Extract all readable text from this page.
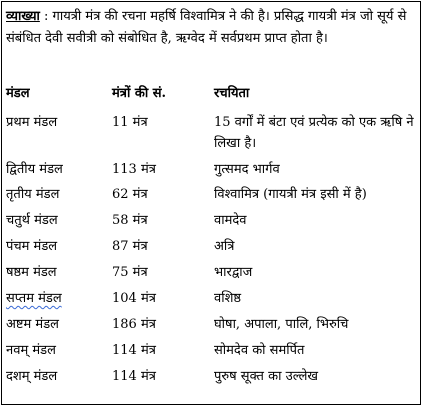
व्याख्या : गायत्री मंत्र की रचना महर्षि विश्वामित्र ने की है। प्रसिद्ध गायत्री मंत्र जो सूर्य से संबंधित देवी सवीत्री को संबोधित है, ऋग्वेद में सर्वप्रथम प्राप्त होता है।
मंडल	मंत्रों की सं.	रचयिता
प्रथम मंडल	11 मंत्र	15 वर्गों में बंटा एवं प्रत्येक को एक ऋषि ने लिखा है।
द्वितीय मंडल	113 मंत्र	गुत्समद भार्गव
तृतीय मंडल	62 मंत्र	विश्वामित्र (गायत्री मंत्र इसी में है)
चतुर्थ मंडल	58 मंत्र	वामदेव
पंचम मंडल	87 मंत्र	अत्रि
षष्ठम मंडल	75 मंत्र	भारद्वाज
सप्तम मंडल	104 मंत्र	वशिष्ठ
अष्टम मंडल	186 मंत्र	घोषा, अपाला, पालि, भिरुचि
नवम् मंडल	114 मंत्र	सोमदेव को समर्पित
दशम् मंडल	114 मंत्र	पुरुष सूक्त का उल्लेख
